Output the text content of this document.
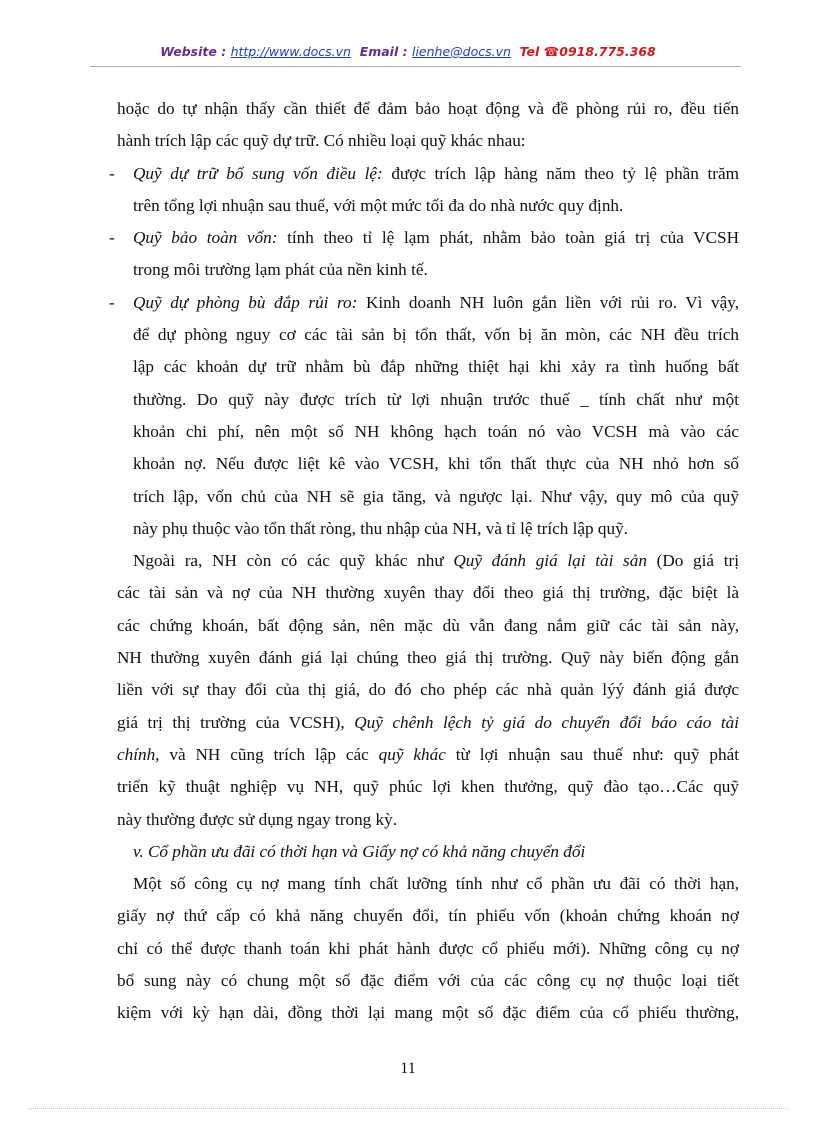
Website : http://www.docs.vn Email : lienhe@docs.vn Tel ☎0918.775.368
hoặc do tự nhận thấy cần thiết để đảm bảo hoạt động và đề phòng rủi ro, đều tiến
hành trích lập các quỹ dự trữ. Có nhiều loại quỹ khác nhau:
- Quỹ dự trữ bổ sung vốn điều lệ: được trích lập hàng năm theo tỷ lệ phần trăm
trên tổng lợi nhuận sau thuế, với một mức tối đa do nhà nước quy định.
- Quỹ bảo toàn vốn: tính theo tỉ lệ lạm phát, nhằm bảo toàn giá trị của VCSH
trong môi trường lạm phát của nền kinh tế.
- Quỹ dự phòng bù đắp rủi ro: Kinh doanh NH luôn gắn liền với rủi ro. Vì vậy,
để dự phòng nguy cơ các tài sản bị tổn thất, vốn bị ăn mòn, các NH đều trích
lập các khoản dự trữ nhằm bù đắp những thiệt hại khi xảy ra tình huống bất
thường. Do quỹ này được trích từ lợi nhuận trước thuế _ tính chất như một
khoản chi phí, nên một số NH không hạch toán nó vào VCSH mà vào các
khoản nợ. Nếu được liệt kê vào VCSH, khi tổn thất thực của NH nhỏ hơn số
trích lập, vốn chủ của NH sẽ gia tăng, và ngược lại. Như vậy, quy mô của quỹ
này phụ thuộc vào tổn thất ròng, thu nhập của NH, và tỉ lệ trích lập quỹ.
Ngoài ra, NH còn có các quỹ khác như Quỹ đánh giá lại tài sản (Do giá trị
các tài sản và nợ của NH thường xuyên thay đổi theo giá thị trường, đặc biệt là
các chứng khoán, bất động sản, nên mặc dù vẫn đang nắm giữ các tài sản này,
NH thường xuyên đánh giá lại chúng theo giá thị trường. Quỹ này biến động gắn
liền với sự thay đổi của thị giá, do đó cho phép các nhà quản lýý đánh giá được
giá trị thị trường của VCSH), Quỹ chênh lệch tỷ giá do chuyển đổi báo cáo tài
chính, và NH cũng trích lập các quỹ khác từ lợi nhuận sau thuế như: quỹ phát
triển kỹ thuật nghiệp vụ NH, quỹ phúc lợi khen thưởng, quỹ đào tạo…Các quỹ
này thường được sử dụng ngay trong kỳ.
v. Cổ phần ưu đãi có thời hạn và Giấy nợ có khả năng chuyển đổi
Một số công cụ nợ mang tính chất lưỡng tính như cổ phần ưu đãi có thời hạn,
giấy nợ thứ cấp có khả năng chuyển đổi, tín phiếu vốn (khoản chứng khoán nợ
chỉ có thể được thanh toán khi phát hành được cổ phiếu mới). Những công cụ nợ
bổ sung này có chung một số đặc điểm với của các công cụ nợ thuộc loại tiết
kiệm với kỳ hạn dài, đồng thời lại mang một số đặc điểm của cổ phiếu thường,
11
